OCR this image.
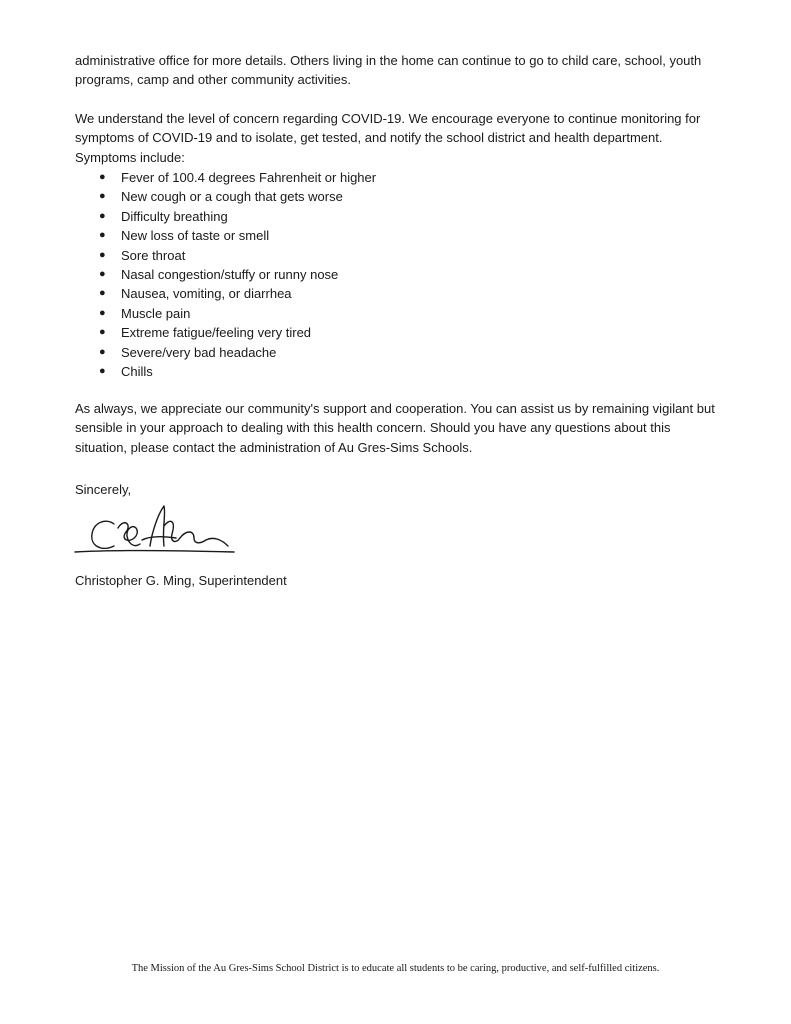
administrative office for more details. Others living in the home can continue to go to child care, school, youth programs, camp and other community activities.

We understand the level of concern regarding COVID-19. We encourage everyone to continue monitoring for symptoms of COVID-19 and to isolate, get tested, and notify the school district and health department. Symptoms include:

● Fever of 100.4 degrees Fahrenheit or higher
● New cough or a cough that gets worse
● Difficulty breathing
● New loss of taste or smell
● Sore throat
● Nasal congestion/stuffy or runny nose
● Nausea, vomiting, or diarrhea
● Muscle pain
● Extreme fatigue/feeling very tired
● Severe/very bad headache
● Chills

As always, we appreciate our community's support and cooperation. You can assist us by remaining vigilant but sensible in your approach to dealing with this health concern. Should you have any questions about this situation, please contact the administration of Au Gres-Sims Schools.

Sincerely,
Christopher G. Ming, Superintendent
The Mission of the Au Gres-Sims School District is to educate all students to be caring, productive, and self-fulfilled citizens.
